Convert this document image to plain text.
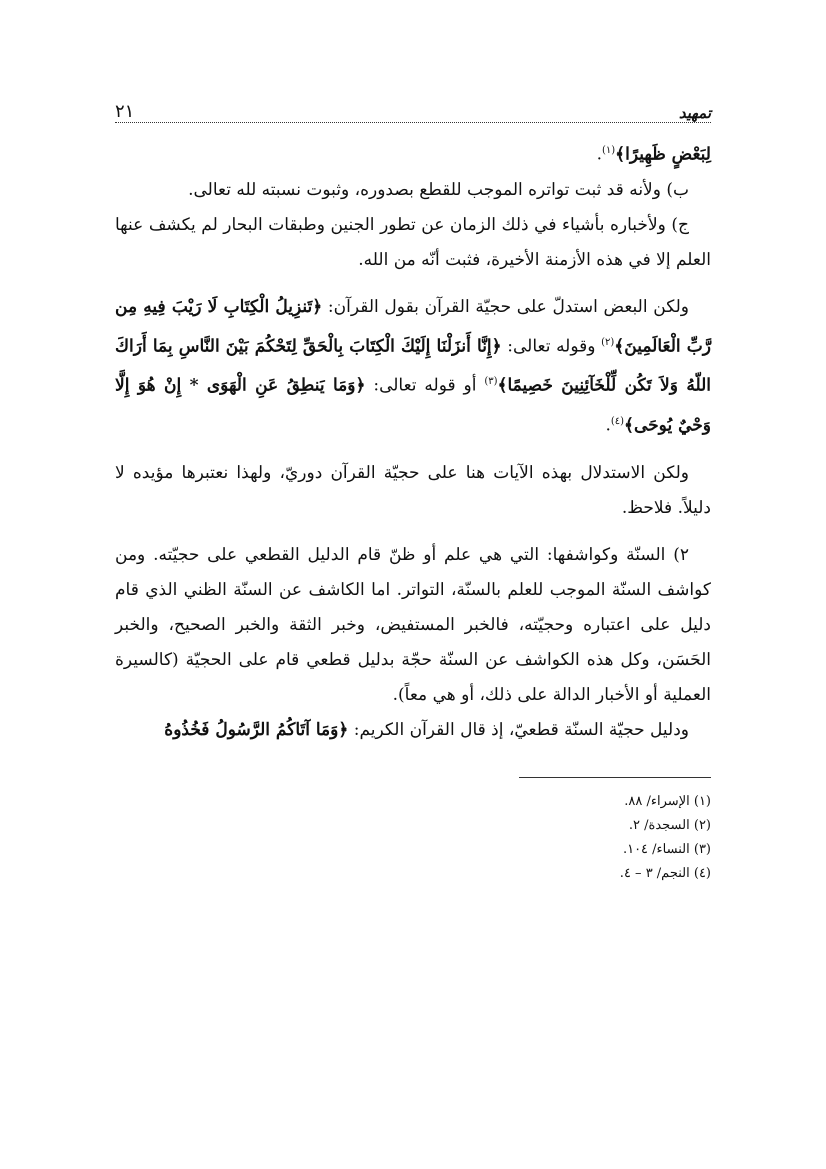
تمهيد
٢١

لِبَعْضٍ ظَهِيرًا﴾$^{(١)}$.

ب) ولأنه قد ثبت تواتره الموجب للقطع بصدوره، وثبوت نسبته لله تعالى.

ج) ولأخباره بأشياء في ذلك الزمان عن تطور الجنين وطبقات البحار لم يكشف عنها العلم إلا في هذه الأزمنة الأخيرة، فثبت أنّه من الله.

ولكن البعض استدلّ على حجيّة القرآن بقول القرآن: ﴿تَنزِيلُ الْكِتَابِ لَا رَيْبَ فِيهِ مِن رَّبِّ الْعَالَمِينَ﴾$^{(٢)}$ وقوله تعالى: ﴿إِنَّا أَنزَلْنَا إِلَيْكَ الْكِتَابَ بِالْحَقِّ لِتَحْكُمَ بَيْنَ النَّاسِ بِمَا أَرَاكَ اللّهُ وَلاَ تَكُن لِّلْخَآئِنِينَ خَصِيمًا﴾$^{(٣)}$ أو قوله تعالى: ﴿وَمَا يَنطِقُ عَنِ الْهَوَى * إِنْ هُوَ إِلَّا وَحْيٌ يُوحَى﴾$^{(٤)}$.

ولكن الاستدلال بهذه الآيات هنا على حجيّة القرآن دوريّ، ولهذا نعتبرها مؤيده لا دليلاً. فلاحظ.

٢) السنّة وكواشفها: التي هي علم أو ظنّ قام الدليل القطعي على حجيّته. ومن كواشف السنّة الموجب للعلم بالسنّة، التواتر. اما الكاشف عن السنّة الظني الذي قام دليل على اعتباره وحجيّته، فالخبر المستفيض، وخبر الثقة والخبر الصحيح، والخبر الحَسَن، وكل هذه الكواشف عن السنّة حجّة بدليل قطعي قام على الحجيّة (كالسيرة العملية أو الأخبار الدالة على ذلك، أو هي معاً).

ودليل حجيّة السنّة قطعيّ، إذ قال القرآن الكريم: ﴿وَمَا آتَاكُمُ الرَّسُولُ فَخُذُوهُ

(١) الإسراء/ ٨٨.
(٢) السجدة/ ٢.
(٣) النساء/ ١٠٤.
(٤) النجم/ ٣ – ٤.
